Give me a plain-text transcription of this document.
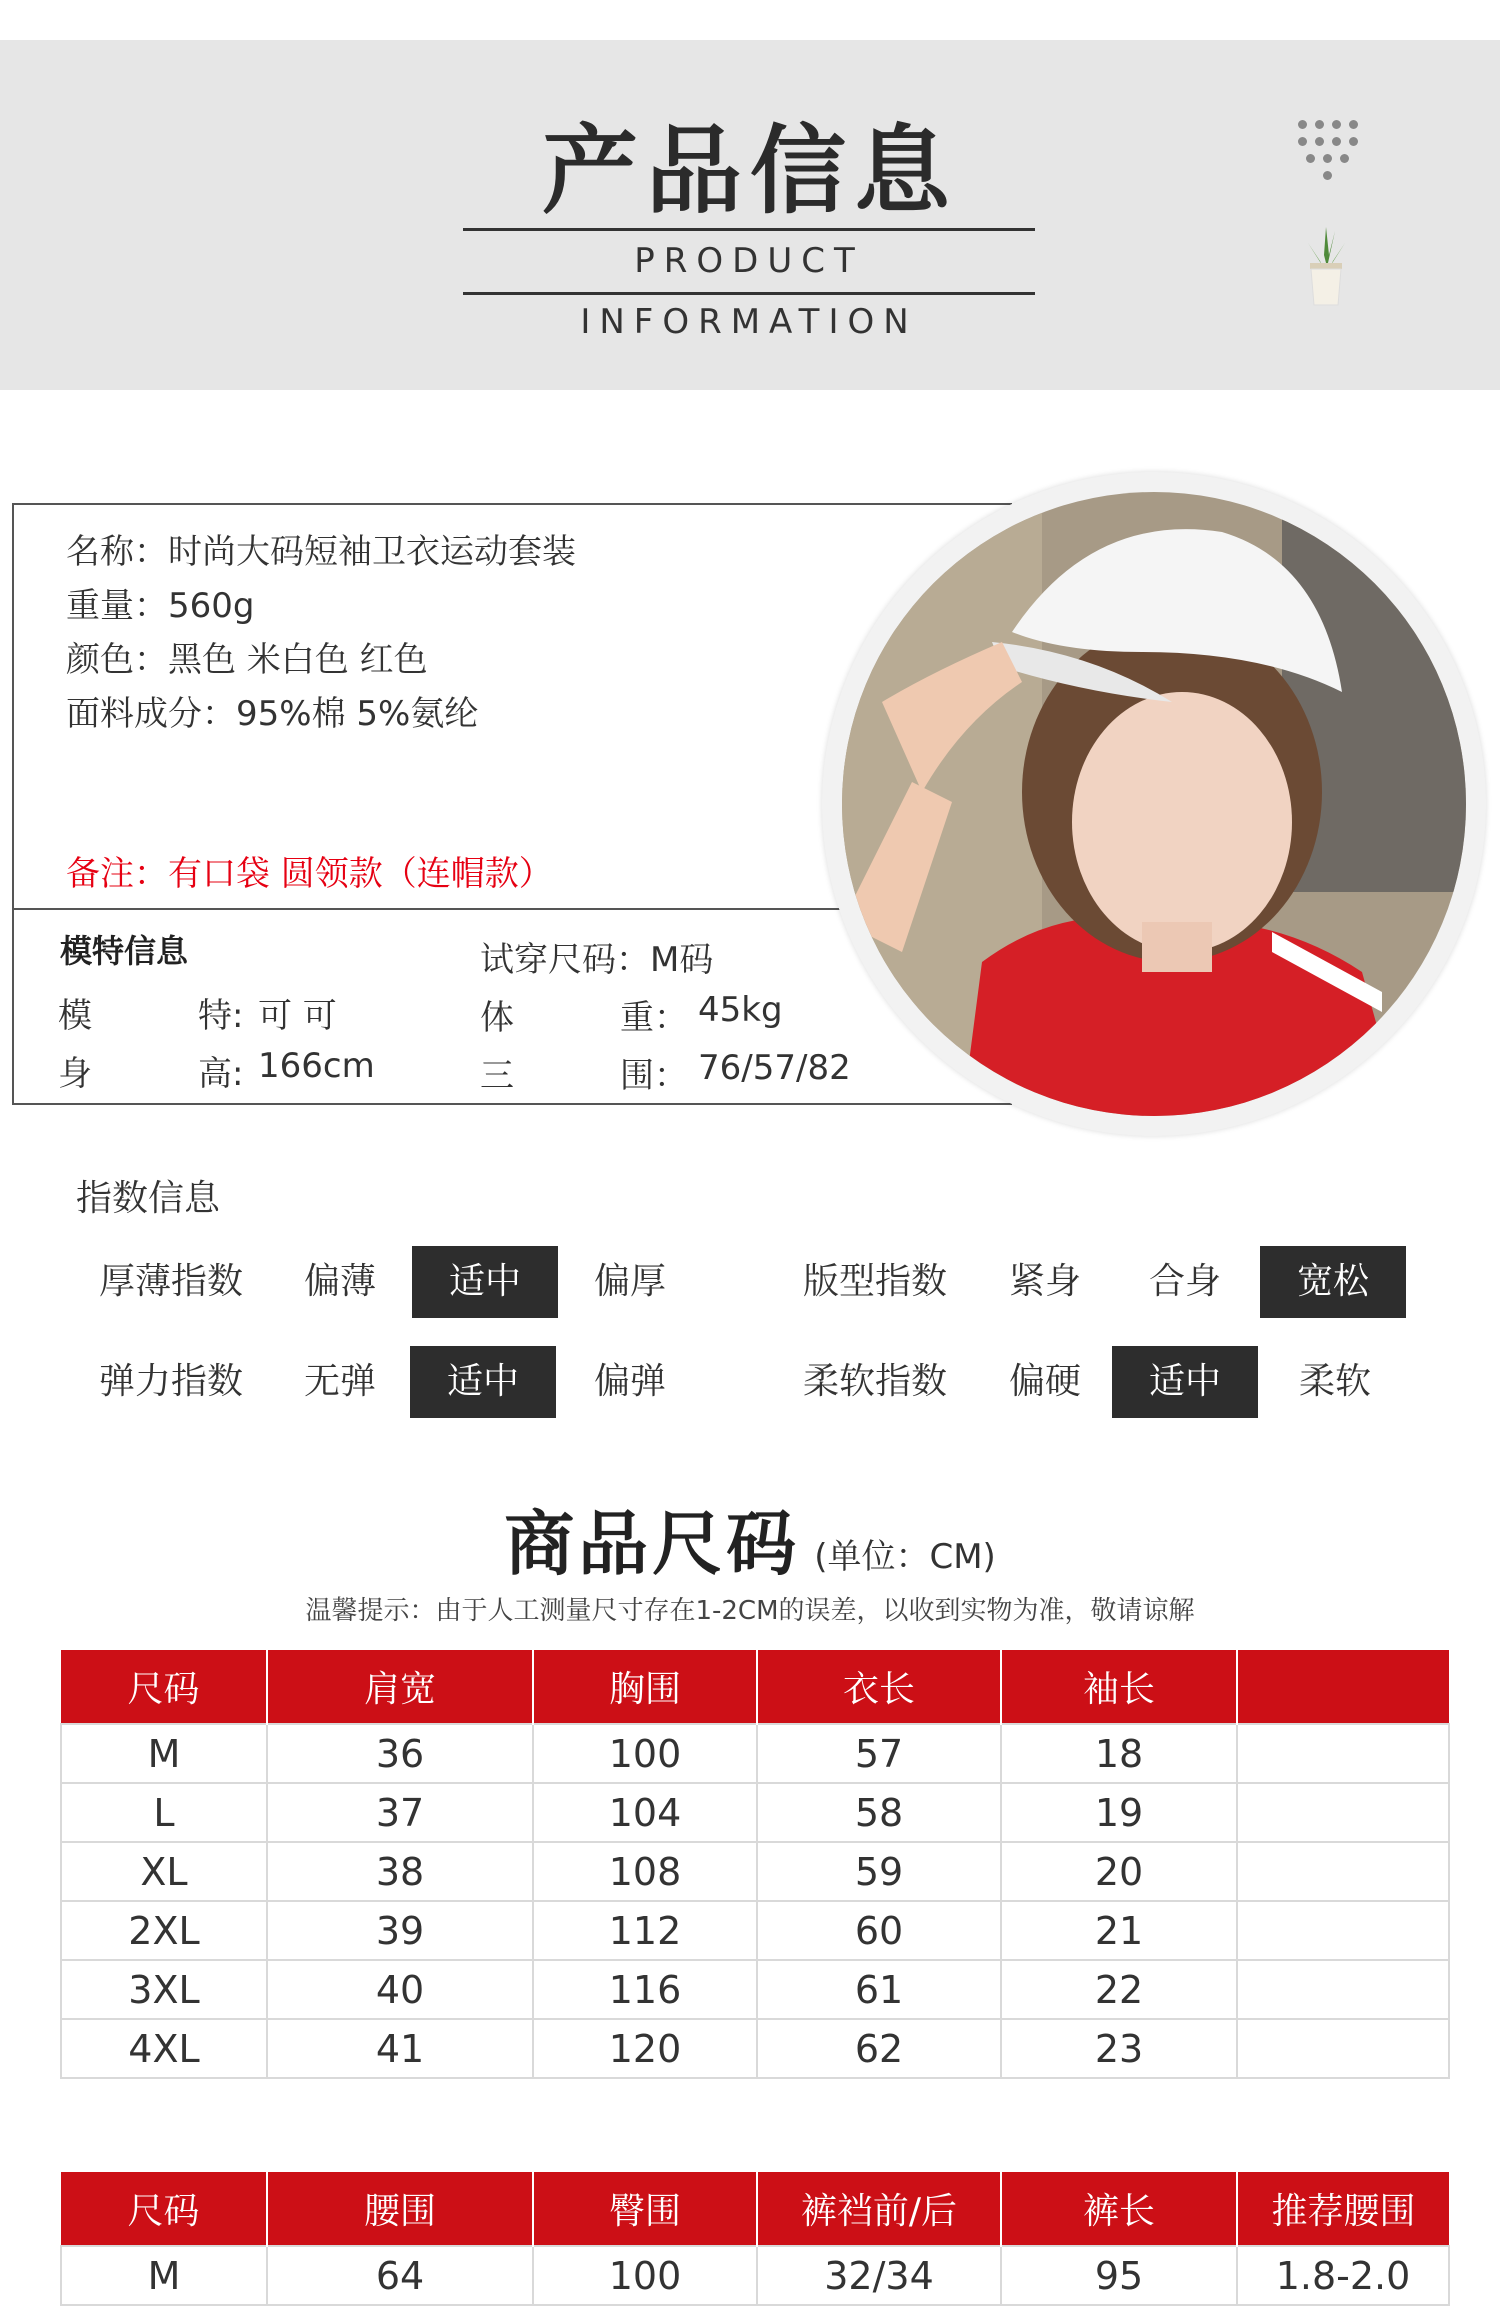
产品信息
PRODUCT INFORMATION
名称：时尚大码短袖卫衣运动套装
重量：560g
颜色：黑色 米白色 红色
面料成分：95%棉 5%氨纶
备注：有口袋 圆领款（连帽款）
模特信息	试穿尺码：M码
模	特: 可 可
身	高: 166cm
体	重： 45kg
三	围： 76/57/82
指数信息
厚薄指数	偏薄	适中	偏厚	版型指数	紧身	合身	宽松
弹力指数	无弹	适中	偏弹	柔软指数	偏硬	适中	柔软
商品尺码 (单位：CM)
温馨提示：由于人工测量尺寸存在1-2CM的误差，以收到实物为准，敬请谅解
尺码	肩宽	胸围	衣长	袖长	
M	36	100	57	18	
L	37	104	58	19	
XL	38	108	59	20	
2XL	39	112	60	21	
3XL	40	116	61	22	
4XL	41	120	62	23	
尺码	腰围	臀围	裤裆前/后	裤长	推荐腰围
M	64	100	32/34	95	1.8-2.0
